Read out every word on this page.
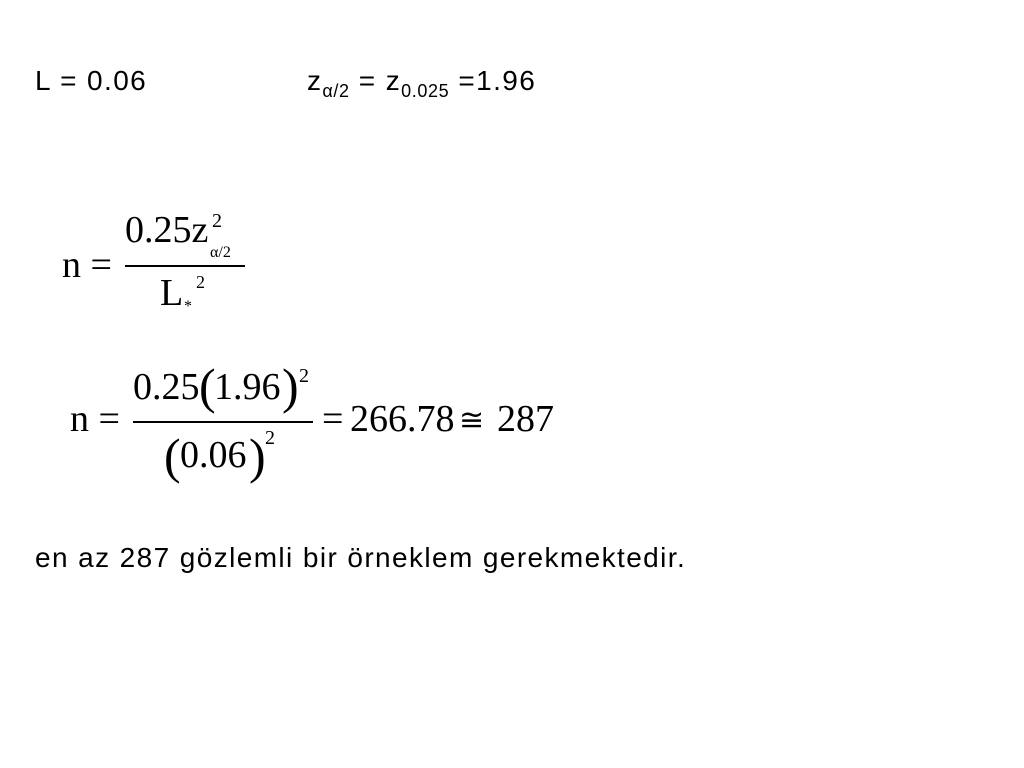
L = 0.06	$z_{\alpha/2} = z_{0.025} =1.96$
n =
0.25z 2
α/2
L *
2
n =
0.25 (
1.96 ) 2
( 0.06 ) 2 = 266.78 ≅ 287
en az 287 gözlemli bir örneklem gerekmektedir.
